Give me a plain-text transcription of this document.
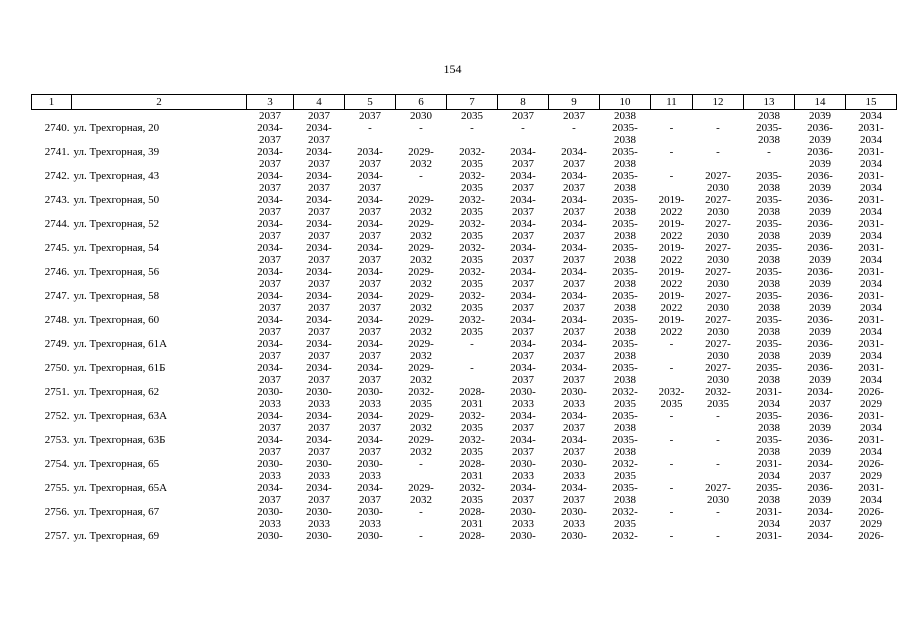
154
1	2	3	4	5	6	7	8	9	10	11	12	13	14	15
		2037	2037	2037	2030	2035	2037	2037	2038			2038	2039	2034
2740.	ул. Трехгорная, 20	2034-	2034-	-	-	-	-	-	2035-	-	-	2035-	2036-	2031-
		2037	2037						2038			2038	2039	2034
2741.	ул. Трехгорная, 39	2034-	2034-	2034-	2029-	2032-	2034-	2034-	2035-	-	-	-	2036-	2031-
		2037	2037	2037	2032	2035	2037	2037	2038				2039	2034
2742.	ул. Трехгорная, 43	2034-	2034-	2034-	-	2032-	2034-	2034-	2035-	-	2027-	2035-	2036-	2031-
		2037	2037	2037		2035	2037	2037	2038		2030	2038	2039	2034
2743.	ул. Трехгорная, 50	2034-	2034-	2034-	2029-	2032-	2034-	2034-	2035-	2019-	2027-	2035-	2036-	2031-
		2037	2037	2037	2032	2035	2037	2037	2038	2022	2030	2038	2039	2034
2744.	ул. Трехгорная, 52	2034-	2034-	2034-	2029-	2032-	2034-	2034-	2035-	2019-	2027-	2035-	2036-	2031-
		2037	2037	2037	2032	2035	2037	2037	2038	2022	2030	2038	2039	2034
2745.	ул. Трехгорная, 54	2034-	2034-	2034-	2029-	2032-	2034-	2034-	2035-	2019-	2027-	2035-	2036-	2031-
		2037	2037	2037	2032	2035	2037	2037	2038	2022	2030	2038	2039	2034
2746.	ул. Трехгорная, 56	2034-	2034-	2034-	2029-	2032-	2034-	2034-	2035-	2019-	2027-	2035-	2036-	2031-
		2037	2037	2037	2032	2035	2037	2037	2038	2022	2030	2038	2039	2034
2747.	ул. Трехгорная, 58	2034-	2034-	2034-	2029-	2032-	2034-	2034-	2035-	2019-	2027-	2035-	2036-	2031-
		2037	2037	2037	2032	2035	2037	2037	2038	2022	2030	2038	2039	2034
2748.	ул. Трехгорная, 60	2034-	2034-	2034-	2029-	2032-	2034-	2034-	2035-	2019-	2027-	2035-	2036-	2031-
		2037	2037	2037	2032	2035	2037	2037	2038	2022	2030	2038	2039	2034
2749.	ул. Трехгорная, 61А	2034-	2034-	2034-	2029-	-	2034-	2034-	2035-	-	2027-	2035-	2036-	2031-
		2037	2037	2037	2032		2037	2037	2038		2030	2038	2039	2034
2750.	ул. Трехгорная, 61Б	2034-	2034-	2034-	2029-	-	2034-	2034-	2035-	-	2027-	2035-	2036-	2031-
		2037	2037	2037	2032		2037	2037	2038		2030	2038	2039	2034
2751.	ул. Трехгорная, 62	2030-	2030-	2030-	2032-	2028-	2030-	2030-	2032-	2032-	2032-	2031-	2034-	2026-
		2033	2033	2033	2035	2031	2033	2033	2035	2035	2035	2034	2037	2029
2752.	ул. Трехгорная, 63А	2034-	2034-	2034-	2029-	2032-	2034-	2034-	2035-	-	-	2035-	2036-	2031-
		2037	2037	2037	2032	2035	2037	2037	2038			2038	2039	2034
2753.	ул. Трехгорная, 63Б	2034-	2034-	2034-	2029-	2032-	2034-	2034-	2035-	-	-	2035-	2036-	2031-
		2037	2037	2037	2032	2035	2037	2037	2038			2038	2039	2034
2754.	ул. Трехгорная, 65	2030-	2030-	2030-	-	2028-	2030-	2030-	2032-	-	-	2031-	2034-	2026-
		2033	2033	2033		2031	2033	2033	2035			2034	2037	2029
2755.	ул. Трехгорная, 65А	2034-	2034-	2034-	2029-	2032-	2034-	2034-	2035-	-	2027-	2035-	2036-	2031-
		2037	2037	2037	2032	2035	2037	2037	2038		2030	2038	2039	2034
2756.	ул. Трехгорная, 67	2030-	2030-	2030-	-	2028-	2030-	2030-	2032-	-	-	2031-	2034-	2026-
		2033	2033	2033		2031	2033	2033	2035			2034	2037	2029
2757.	ул. Трехгорная, 69	2030-	2030-	2030-	-	2028-	2030-	2030-	2032-	-	-	2031-	2034-	2026-
